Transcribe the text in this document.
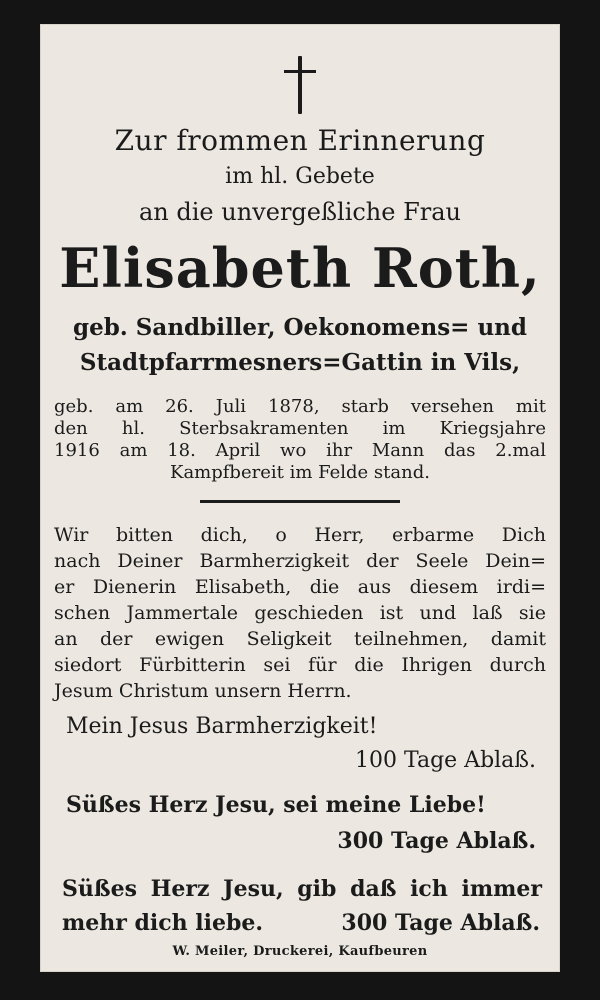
Zur frommen Erinnerung
im hl. Gebete
an die unvergeßliche Frau
Elisabeth Roth,
geb. Sandbiller, Oekonomens= und
Stadtpfarrmesners=Gattin in Vils,
geb. am 26. Juli 1878, starb versehen mit
den hl. Sterbsakramenten im Kriegsjahre
1916 am 18. April wo ihr Mann das 2.mal
Kampfbereit im Felde stand.
Wir bitten dich, o Herr, erbarme Dich
nach Deiner Barmherzigkeit der Seele Dein=
er Dienerin Elisabeth, die aus diesem irdi=
schen Jammertale geschieden ist und laß sie
an der ewigen Seligkeit teilnehmen, damit
siedort Fürbitterin sei für die Ihrigen durch
Jesum Christum unsern Herrn.
Mein Jesus Barmherzigkeit!
100 Tage Ablaß.
Süßes Herz Jesu, sei meine Liebe!
300 Tage Ablaß.
Süßes Herz Jesu, gib daß ich immer
mehr dich liebe.	300 Tage Ablaß.
W. Meiler, Druckerei, Kaufbeuren
